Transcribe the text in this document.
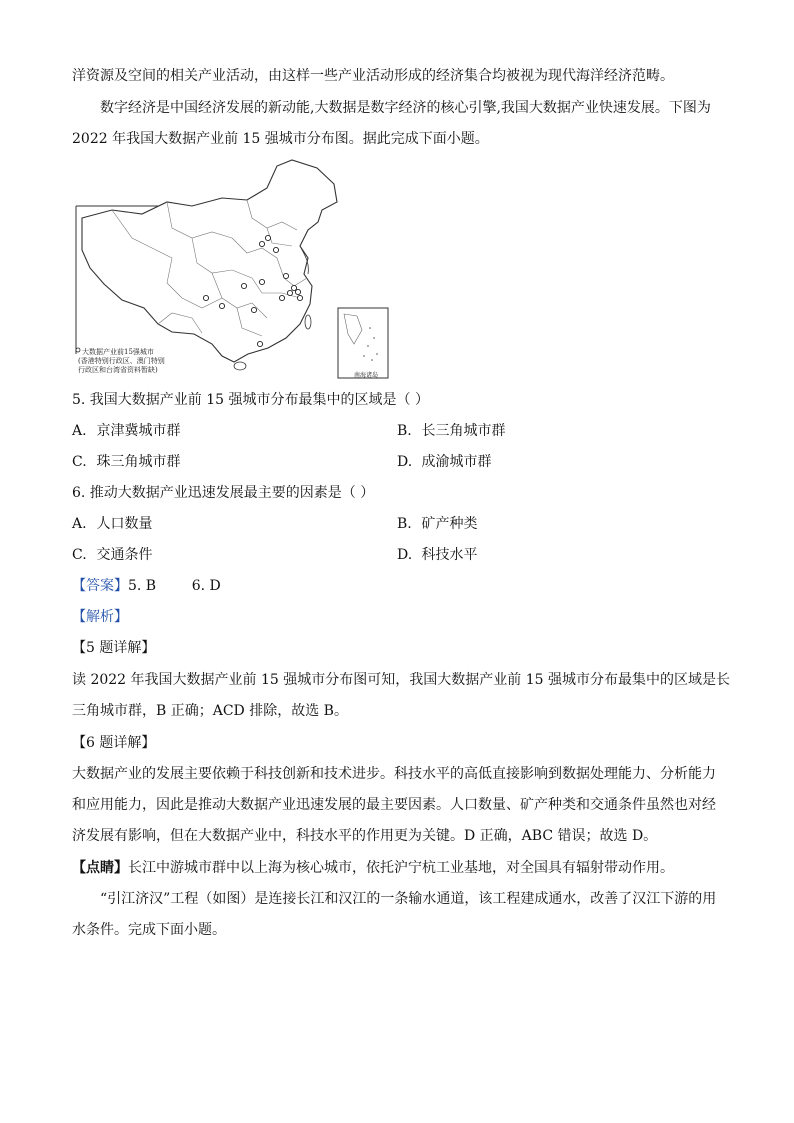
洋资源及空间的相关产业活动，由这样一些产业活动形成的经济集合均被视为现代海洋经济范畴。
数字经济是中国经济发展的新动能,大数据是数字经济的核心引擎,我国大数据产业快速发展。下图为
2022 年我国大数据产业前 15 强城市分布图。据此完成下面小题。
大数据产业前15强城市
(香港特别行政区、澳门特别
行政区和台湾省资料暂缺)
南海诸岛
5. 我国大数据产业前 15 强城市分布最集中的区域是（ ）
A. 京津冀城市群	B. 长三角城市群
C. 珠三角城市群	D. 成渝城市群
6. 推动大数据产业迅速发展最主要的因素是（ ）
A. 人口数量	B. 矿产种类
C. 交通条件	D. 科技水平
【答案】5. B        6. D
【解析】
【5 题详解】
读 2022 年我国大数据产业前 15 强城市分布图可知，我国大数据产业前 15 强城市分布最集中的区域是长
三角城市群，B 正确；ACD 排除，故选 B。
【6 题详解】
大数据产业的发展主要依赖于科技创新和技术进步。科技水平的高低直接影响到数据处理能力、分析能力
和应用能力，因此是推动大数据产业迅速发展的最主要因素。人口数量、矿产种类和交通条件虽然也对经
济发展有影响，但在大数据产业中，科技水平的作用更为关键。D 正确，ABC 错误；故选 D。
【点睛】长江中游城市群中以上海为核心城市，依托沪宁杭工业基地，对全国具有辐射带动作用。
“引江济汉”工程（如图）是连接长江和汉江的一条输水通道，该工程建成通水，改善了汉江下游的用
水条件。完成下面小题。
